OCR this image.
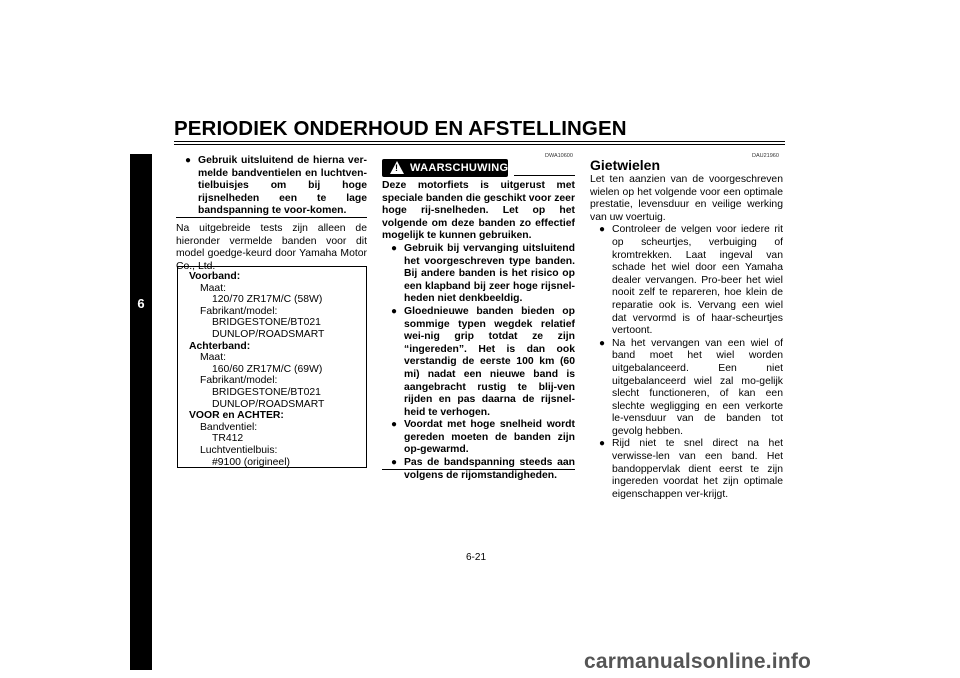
PERIODIEK ONDERHOUD EN AFSTELLINGEN
6
● Gebruik uitsluitend de hierna ver-melde bandventielen en luchtven-tielbuisjes om bij hoge rijsnelheden een te lage bandspanning te voor-komen.
Na uitgebreide tests zijn alleen de hieronder vermelde banden voor dit model goedge-keurd door Yamaha Motor Co., Ltd.
Voorband:
Maat:
120/70 ZR17M/C (58W)
Fabrikant/model:
BRIDGESTONE/BT021
DUNLOP/ROADSMART
Achterband:
Maat:
160/60 ZR17M/C (69W)
Fabrikant/model:
BRIDGESTONE/BT021
DUNLOP/ROADSMART
VOOR en ACHTER:
Bandventiel:
TR412
Luchtventielbuis:
#9100 (origineel)
DWA10600
! WAARSCHUWING
Deze motorfiets is uitgerust met speciale banden die geschikt voor zeer hoge rij-snelheden. Let op het volgende om deze banden zo effectief mogelijk te kunnen gebruiken.
● Gebruik bij vervanging uitsluitend het voorgeschreven type banden. Bij andere banden is het risico op een klapband bij zeer hoge rijsnel-heden niet denkbeeldig.
● Gloednieuwe banden bieden op sommige typen wegdek relatief wei-nig grip totdat ze zijn “ingereden”. Het is dan ook verstandig de eerste 100 km (60 mi) nadat een nieuwe band is aangebracht rustig te blij-ven rijden en pas daarna de rijsnel-heid te verhogen.
● Voordat met hoge snelheid wordt gereden moeten de banden zijn op-gewarmd.
● Pas de bandspanning steeds aan volgens de rijomstandigheden.
DAU21960
Gietwielen
Let ten aanzien van de voorgeschreven wielen op het volgende voor een optimale prestatie, levensduur en veilige werking van uw voertuig.
● Controleer de velgen voor iedere rit op scheurtjes, verbuiging of kromtrekken. Laat ingeval van schade het wiel door een Yamaha dealer vervangen. Pro-beer het wiel nooit zelf te repareren, hoe klein de reparatie ook is. Vervang een wiel dat vervormd is of haar-scheurtjes vertoont.
● Na het vervangen van een wiel of band moet het wiel worden uitgebalanceerd. Een niet uitgebalanceerd wiel zal mo-gelijk slecht functioneren, of kan een slechte wegligging en een verkorte le-vensduur van de banden tot gevolg hebben.
● Rijd niet te snel direct na het verwisse-len van een band. Het bandoppervlak dient eerst te zijn ingereden voordat het zijn optimale eigenschappen ver-krijgt.
6-21
carmanualsonline.info
